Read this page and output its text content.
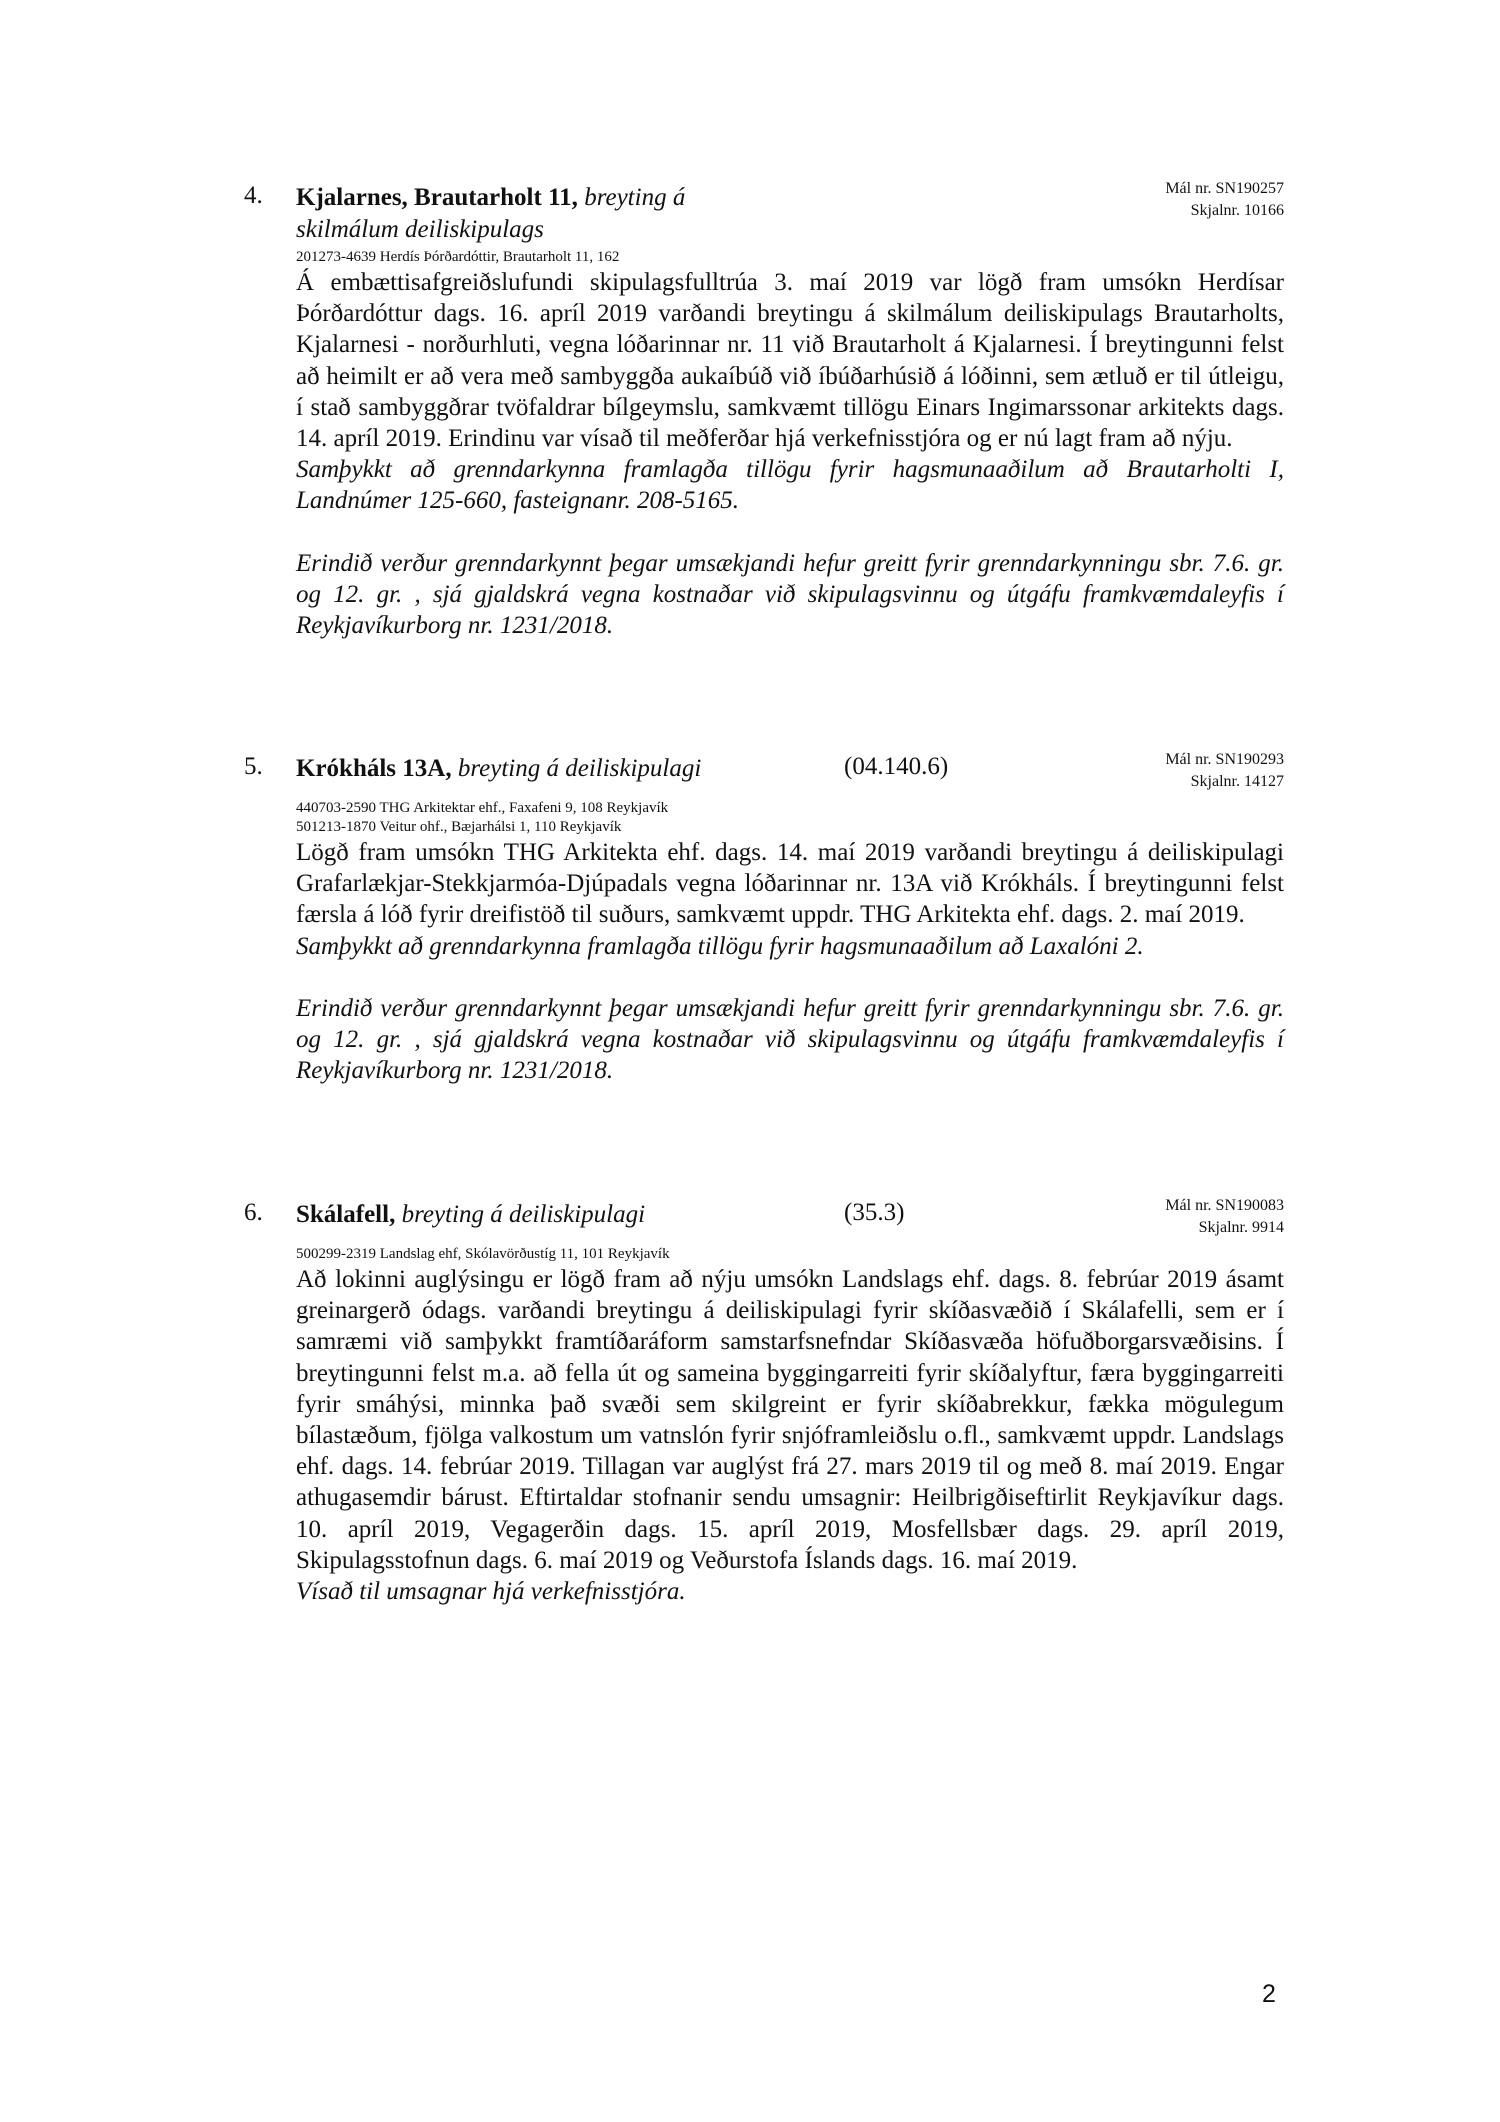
4. Kjalarnes, Brautarholt 11, breyting á skilmálum deiliskipulags
Mál nr. SN190257
Skjalnr. 10166
201273-4639 Herdís Þórðardóttir, Brautarholt 11, 162

Á embættisafgreiðslufundi skipulagsfulltrúa 3. maí 2019 var lögð fram umsókn Herdísar Þórðardóttur dags. 16. apríl 2019 varðandi breytingu á skilmálum deiliskipulags Brautarholts, Kjalarnesi - norðurhluti, vegna lóðarinnar nr. 11 við Brautarholt á Kjalarnesi. Í breytingunni felst að heimilt er að vera með sambyggða aukaíbúð við íbúðarhúsið á lóðinni, sem ætluð er til útleigu, í stað sambyggðrar tvöfaldrar bílgeymslu, samkvæmt tillögu Einars Ingimarssonar arkitekts dags. 14. apríl 2019. Erindinu var vísað til meðferðar hjá verkefnisstjóra og er nú lagt fram að nýju.

Samþykkt að grenndarkynna framlagða tillögu fyrir hagsmunaaðilum að Brautarholti I, Landnúmer 125-660, fasteignanr. 208-5165.

Erindið verður grenndarkynnt þegar umsækjandi hefur greitt fyrir grenndarkynningu sbr. 7.6. gr. og 12. gr. , sjá gjaldskrá vegna kostnaðar við skipulagsvinnu og útgáfu framkvæmdaleyfis í Reykjavíkurborg nr. 1231/2018.

5. Krókháls 13A, breyting á deiliskipulagi	(04.140.6)	Mál nr. SN190293
Skjalnr. 14127
440703-2590 THG Arkitektar ehf., Faxafeni 9, 108 Reykjavík
501213-1870 Veitur ohf., Bæjarhálsi 1, 110 Reykjavík

Lögð fram umsókn THG Arkitekta ehf. dags. 14. maí 2019 varðandi breytingu á deiliskipulagi Grafarlækjar-Stekkjarmóa-Djúpadals vegna lóðarinnar nr. 13A við Krókháls. Í breytingunni felst færsla á lóð fyrir dreifistöð til suðurs, samkvæmt uppdr. THG Arkitekta ehf. dags. 2. maí 2019.

Samþykkt að grenndarkynna framlagða tillögu fyrir hagsmunaaðilum að Laxalóni 2.

Erindið verður grenndarkynnt þegar umsækjandi hefur greitt fyrir grenndarkynningu sbr. 7.6. gr. og 12. gr. , sjá gjaldskrá vegna kostnaðar við skipulagsvinnu og útgáfu framkvæmdaleyfis í Reykjavíkurborg nr. 1231/2018.

6. Skálafell, breyting á deiliskipulagi	(35.3)	Mál nr. SN190083
Skjalnr. 9914
500299-2319 Landslag ehf, Skólavörðustíg 11, 101 Reykjavík

Að lokinni auglýsingu er lögð fram að nýju umsókn Landslags ehf. dags. 8. febrúar 2019 ásamt greinargerð ódags. varðandi breytingu á deiliskipulagi fyrir skíðasvæðið í Skálafelli, sem er í samræmi við samþykkt framtíðaráform samstarfsnefndar Skíðasvæða höfuðborgarsvæðisins. Í breytingunni felst m.a. að fella út og sameina byggingarreiti fyrir skíðalyftur, færa byggingarreiti fyrir smáhýsi, minnka það svæði sem skilgreint er fyrir skíðabrekkur, fækka mögulegum bílastæðum, fjölga valkostum um vatnslón fyrir snjóframleiðslu o.fl., samkvæmt uppdr. Landslags ehf. dags. 14. febrúar 2019. Tillagan var auglýst frá 27. mars 2019 til og með 8. maí 2019. Engar athugasemdir bárust. Eftirtaldar stofnanir sendu umsagnir: Heilbrigðiseftirlit Reykjavíkur dags. 10. apríl 2019, Vegagerðin dags. 15. apríl 2019, Mosfellsbær dags. 29. apríl 2019, Skipulagsstofnun dags. 6. maí 2019 og Veðurstofa Íslands dags. 16. maí 2019.

Vísað til umsagnar hjá verkefnisstjóra.

2
